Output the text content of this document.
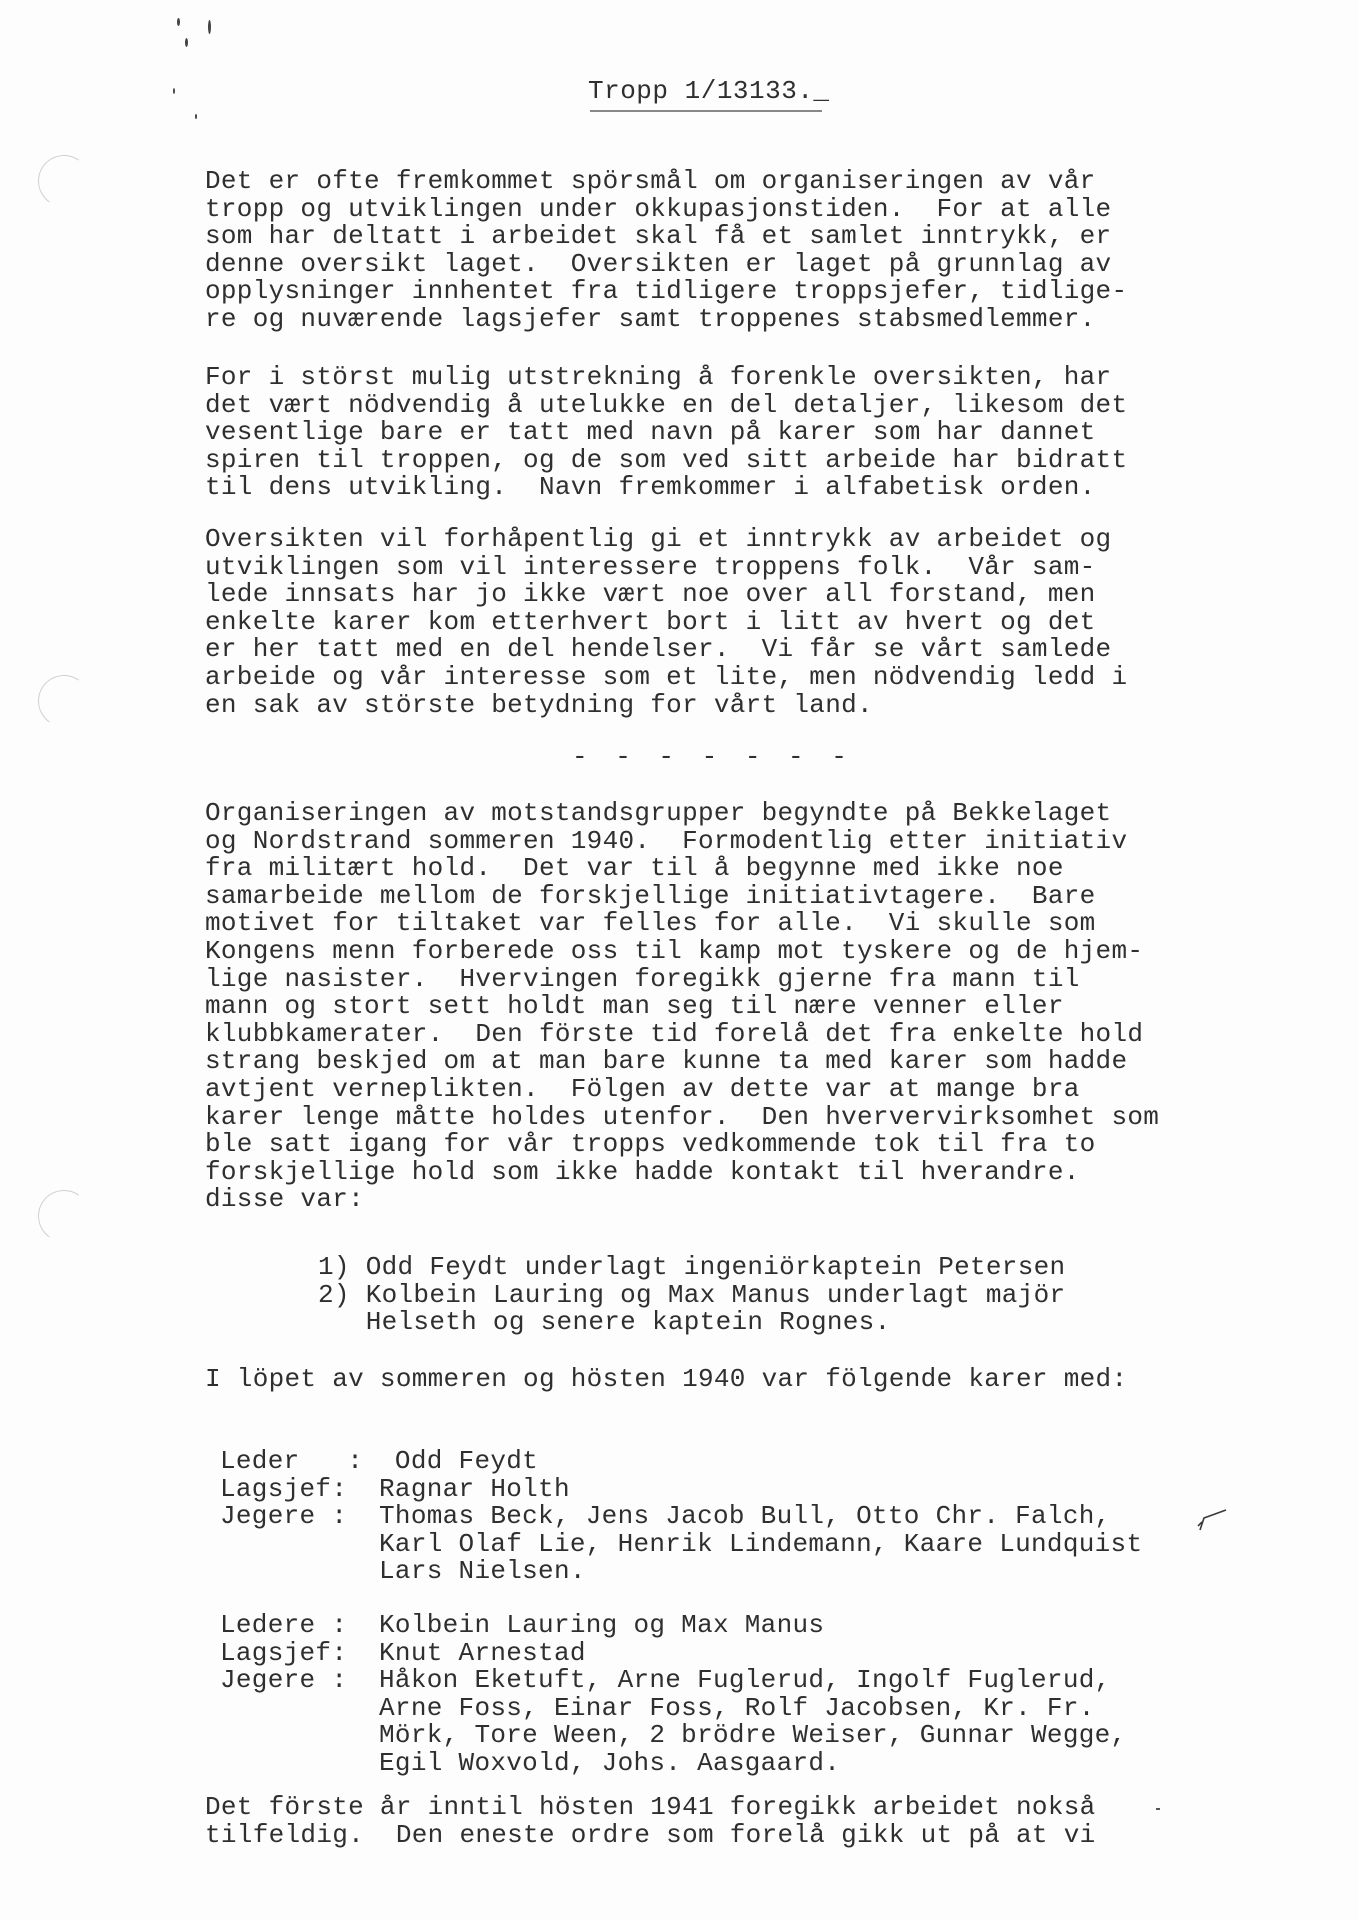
Tropp 1/13133._
Det er ofte fremkommet spörsmål om organiseringen av vår
tropp og utviklingen under okkupasjonstiden.  For at alle
som har deltatt i arbeidet skal få et samlet inntrykk, er
denne oversikt laget.  Oversikten er laget på grunnlag av
opplysninger innhentet fra tidligere troppsjefer, tidlige-
re og nuværende lagsjefer samt troppenes stabsmedlemmer.
For i störst mulig utstrekning å forenkle oversikten, har
det vært nödvendig å utelukke en del detaljer, likesom det
vesentlige bare er tatt med navn på karer som har dannet
spiren til troppen, og de som ved sitt arbeide har bidratt
til dens utvikling.  Navn fremkommer i alfabetisk orden.
Oversikten vil forhåpentlig gi et inntrykk av arbeidet og
utviklingen som vil interessere troppens folk.  Vår sam-
lede innsats har jo ikke vært noe over all forstand, men
enkelte karer kom etterhvert bort i litt av hvert og det
er her tatt med en del hendelser.  Vi får se vårt samlede
arbeide og vår interesse som et lite, men nödvendig ledd i
en sak av störste betydning for vårt land.
- - - - - - -
Organiseringen av motstandsgrupper begyndte på Bekkelaget
og Nordstrand sommeren 1940.  Formodentlig etter initiativ
fra militært hold.  Det var til å begynne med ikke noe
samarbeide mellom de forskjellige initiativtagere.  Bare
motivet for tiltaket var felles for alle.  Vi skulle som
Kongens menn forberede oss til kamp mot tyskere og de hjem-
lige nasister.  Hvervingen foregikk gjerne fra mann til
mann og stort sett holdt man seg til nære venner eller
klubbkamerater.  Den förste tid forelå det fra enkelte hold
strang beskjed om at man bare kunne ta med karer som hadde
avtjent verneplikten.  Fölgen av dette var at mange bra
karer lenge måtte holdes utenfor.  Den hververvirksomhet som
ble satt igang for vår tropps vedkommende tok til fra to
forskjellige hold som ikke hadde kontakt til hverandre.
disse var:
1) Odd Feydt underlagt ingeniörkaptein Petersen
2) Kolbein Lauring og Max Manus underlagt majör
Helseth og senere kaptein Rognes.
I löpet av sommeren og hösten 1940 var fölgende karer med:
Leder   :  Odd Feydt
Lagsjef:  Ragnar Holth
Jegere :  Thomas Beck, Jens Jacob Bull, Otto Chr. Falch,
Karl Olaf Lie, Henrik Lindemann, Kaare Lundquist
Lars Nielsen.
Ledere :  Kolbein Lauring og Max Manus
Lagsjef:  Knut Arnestad
Jegere :  Håkon Eketuft, Arne Fuglerud, Ingolf Fuglerud,
Arne Foss, Einar Foss, Rolf Jacobsen, Kr. Fr.
Mörk, Tore Ween, 2 brödre Weiser, Gunnar Wegge,
Egil Woxvold, Johs. Aasgaard.
Det förste år inntil hösten 1941 foregikk arbeidet nokså
tilfeldig.  Den eneste ordre som forelå gikk ut på at vi
